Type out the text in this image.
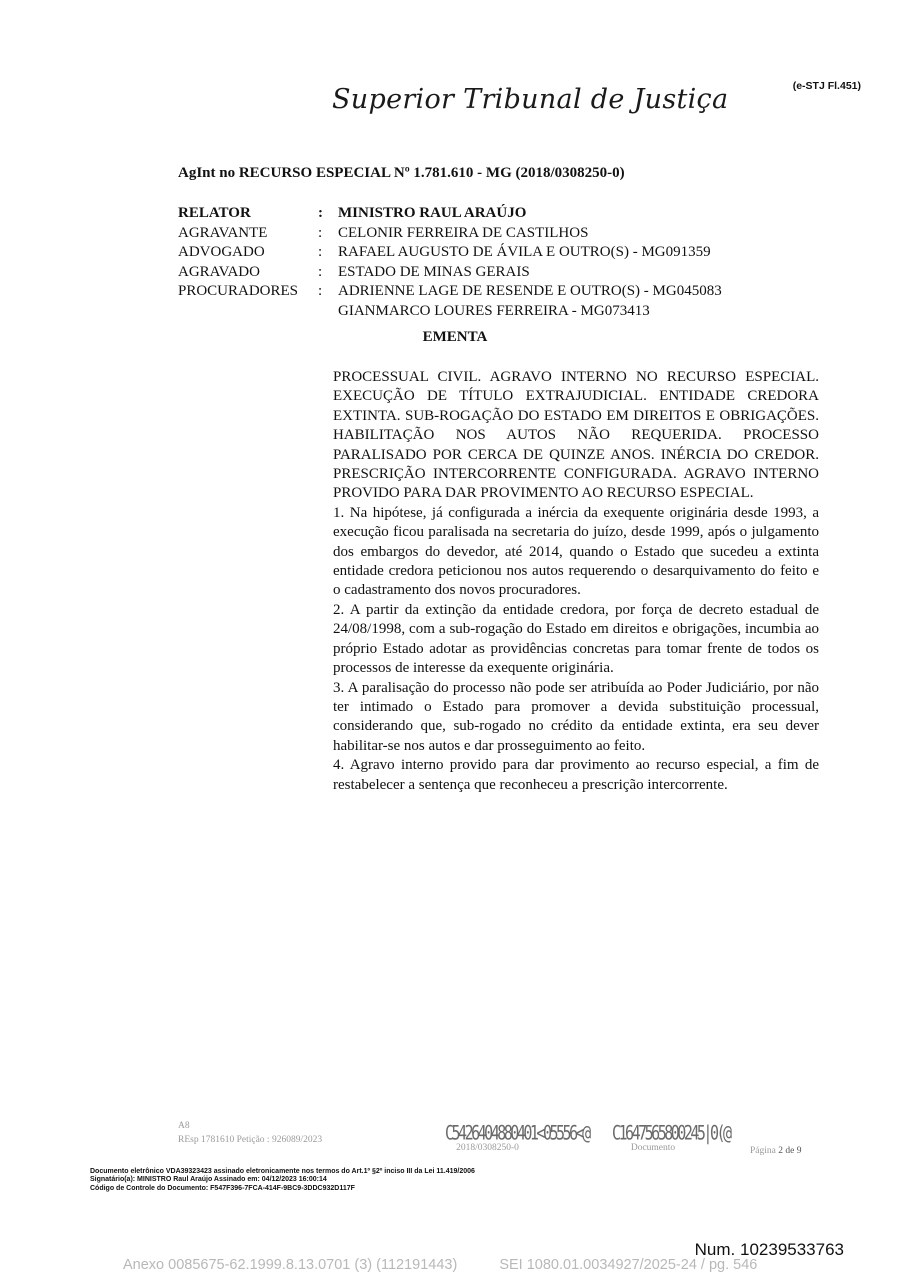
(e-STJ Fl.451)
Superior Tribunal de Justiça
AgInt no RECURSO ESPECIAL Nº 1.781.610 - MG (2018/0308250-0)
RELATOR	:	MINISTRO RAUL ARAÚJO
AGRAVANTE	:	CELONIR FERREIRA DE CASTILHOS
ADVOGADO	:	RAFAEL AUGUSTO DE ÁVILA E OUTRO(S) - MG091359
AGRAVADO	:	ESTADO DE MINAS GERAIS
PROCURADORES	:	ADRIENNE LAGE DE RESENDE E OUTRO(S) - MG045083
GIANMARCO LOURES FERREIRA - MG073413
EMENTA

PROCESSUAL CIVIL. AGRAVO INTERNO NO RECURSO ESPECIAL. EXECUÇÃO DE TÍTULO EXTRAJUDICIAL. ENTIDADE CREDORA EXTINTA. SUB-ROGAÇÃO DO ESTADO EM DIREITOS E OBRIGAÇÕES. HABILITAÇÃO NOS AUTOS NÃO REQUERIDA. PROCESSO PARALISADO POR CERCA DE QUINZE ANOS. INÉRCIA DO CREDOR. PRESCRIÇÃO INTERCORRENTE CONFIGURADA. AGRAVO INTERNO PROVIDO PARA DAR PROVIMENTO AO RECURSO ESPECIAL.

1. Na hipótese, já configurada a inércia da exequente originária desde 1993, a execução ficou paralisada na secretaria do juízo, desde 1999, após o julgamento dos embargos do devedor, até 2014, quando o Estado que sucedeu a extinta entidade credora peticionou nos autos requerendo o desarquivamento do feito e o cadastramento dos novos procuradores.

2. A partir da extinção da entidade credora, por força de decreto estadual de 24/08/1998, com a sub-rogação do Estado em direitos e obrigações, incumbia ao próprio Estado adotar as providências concretas para tomar frente de todos os processos de interesse da exequente originária.

3. A paralisação do processo não pode ser atribuída ao Poder Judiciário, por não ter intimado o Estado para promover a devida substituição processual, considerando que, sub-rogado no crédito da entidade extinta, era seu dever habilitar-se nos autos e dar prosseguimento ao feito.

4. Agravo interno provido para dar provimento ao recurso especial, a fim de restabelecer a sentença que reconheceu a prescrição intercorrente.

A8
REsp 1781610 Petição : 926089/2023	C5426404880401<05556<@
2018/0308250-0
C1647565800245|0(@
Documento	Página 2 de 9
Documento eletrônico VDA39323423 assinado eletronicamente nos termos do Art.1º §2º inciso III da Lei 11.419/2006
Signatário(a): MINISTRO Raul Araújo Assinado em: 04/12/2023 16:00:14
Código de Controle do Documento: F547F396-7FCA-414F-9BC9-3DDC932D117F
Num. 10239533763
Anexo 0085675-62.1999.8.13.0701 (3) (112191443)	SEI 1080.01.0034927/2025-24 / pg. 546
